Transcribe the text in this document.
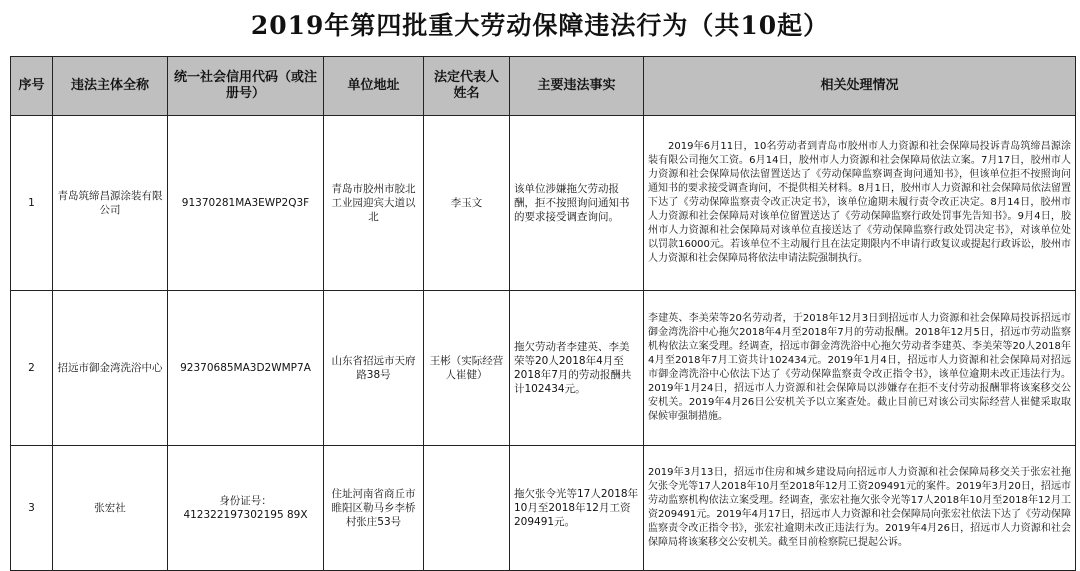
2019年第四批重大劳动保障违法行为（共10起）
序号	违法主体全称	统一社会信用代码（或注册号）	单位地址	法定代表人姓名	主要违法事实	相关处理情况
1	青岛筑缔昌源涂装有限公司	91370281MA3EWP2Q3F	青岛市胶州市胶北工业园迎宾大道以北	李玉文	该单位涉嫌拖欠劳动报酬，拒不按照询问通知书的要求接受调查询问。	2019年6月11日，10名劳动者到青岛市胶州市人力资源和社会保障局投诉青岛筑缔昌源涂装有限公司拖欠工资。6月14日，胶州市人力资源和社会保障局依法立案。7月17日，胶州市人力资源和社会保障局依法留置送达了《劳动保障监察调查询问通知书》，但该单位拒不按照询问通知书的要求接受调查询问，不提供相关材料。8月1日，胶州市人力资源和社会保障局依法留置下达了《劳动保障监察责令改正决定书》，该单位逾期未履行责令改正决定。8月14日，胶州市人力资源和社会保障局对该单位留置送达了《劳动保障监察行政处罚事先告知书》。9月4日，胶州市人力资源和社会保障局对该单位直接送达了《劳动保障监察行政处罚决定书》，对该单位处以罚款16000元。若该单位不主动履行且在法定期限内不申请行政复议或提起行政诉讼，胶州市人力资源和社会保障局将依法申请法院强制执行。
2	招远市御金湾洗浴中心	92370685MA3D2WMP7A	山东省招远市天府路38号	王彬（实际经营人崔健）	拖欠劳动者李建英、李美荣等20人2018年4月至2018年7月的劳动报酬共计102434元。	李建英、李美荣等20名劳动者，于2018年12月3日到招远市人力资源和社会保障局投诉招远市御金湾洗浴中心拖欠2018年4月至2018年7月的劳动报酬。2018年12月5日，招远市劳动监察机构依法立案受理。经调查，招远市御金湾洗浴中心拖欠劳动者李建英、李美荣等20人2018年4月至2018年7月工资共计102434元。2019年1月4日，招远市人力资源和社会保障局对招远市御金湾洗浴中心依法下达了《劳动保障监察责令改正指令书》，该单位逾期未改正违法行为。2019年1月24日，招远市人力资源和社会保障局以涉嫌存在拒不支付劳动报酬罪将该案移交公安机关。2019年4月26日公安机关予以立案查处。截止目前已对该公司实际经营人崔健采取取保候审强制措施。
3	张宏社	身份证号：412322197302195 89X	住址河南省商丘市睢阳区勒马乡李桥村张庄53号		拖欠张令光等17人2018年10月至2018年12月工资209491元。	2019年3月13日，招远市住房和城乡建设局向招远市人力资源和社会保障局移交关于张宏社拖欠张令光等17人2018年10月至2018年12月工资209491元的案件。2019年3月20日，招远市劳动监察机构依法立案受理。经调查，张宏社拖欠张令光等17人2018年10月至2018年12月工资209491元。2019年4月17日，招远市人力资源和社会保障局向张宏社依法下达了《劳动保障监察责令改正指令书》，张宏社逾期未改正违法行为。2019年4月26日，招远市人力资源和社会保障局将该案移交公安机关。截至目前检察院已提起公诉。
